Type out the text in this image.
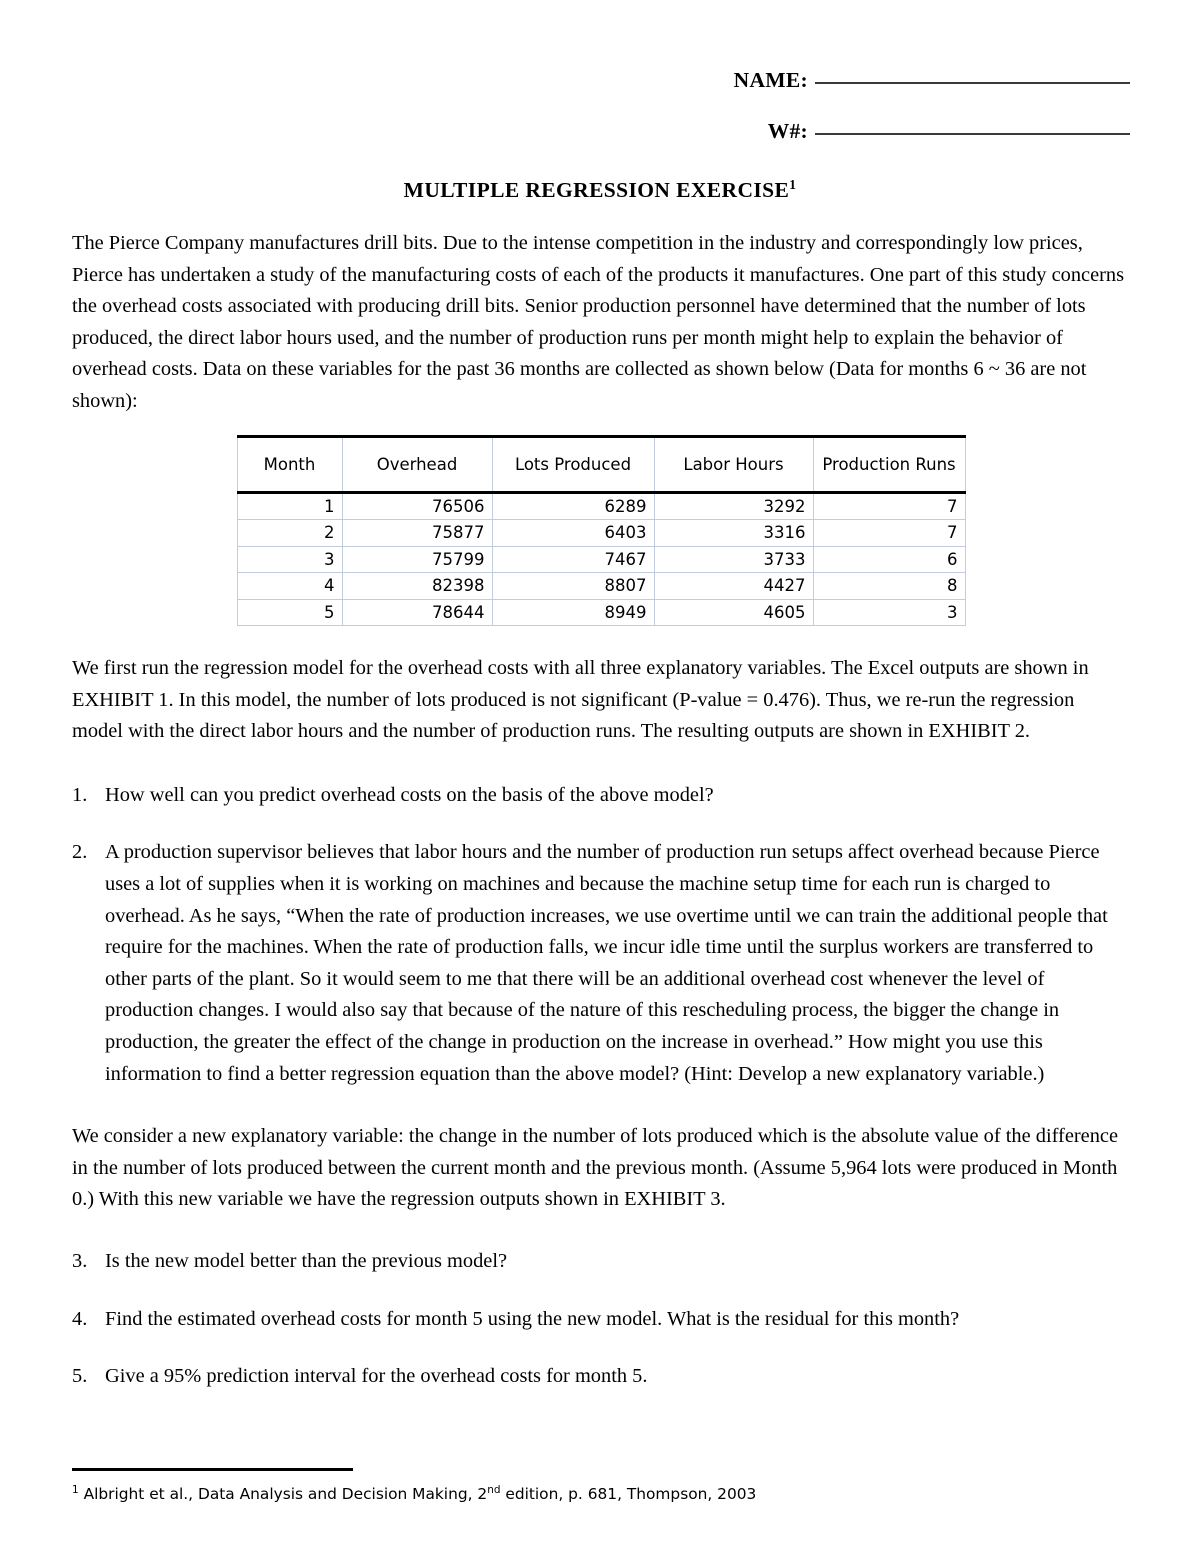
NAME:
W#:
MULTIPLE REGRESSION EXERCISE$^1$

The Pierce Company manufactures drill bits. Due to the intense competition in the industry and correspondingly low prices, Pierce has undertaken a study of the manufacturing costs of each of the products it manufactures. One part of this study concerns the overhead costs associated with producing drill bits. Senior production personnel have determined that the number of lots produced, the direct labor hours used, and the number of production runs per month might help to explain the behavior of overhead costs. Data on these variables for the past 36 months are collected as shown below (Data for months 6 ~ 36 are not shown):

Month	Overhead	Lots Produced	Labor Hours	Production Runs
1	76506	6289	3292	7
2	75877	6403	3316	7
3	75799	7467	3733	6
4	82398	8807	4427	8
5	78644	8949	4605	3

We first run the regression model for the overhead costs with all three explanatory variables. The Excel outputs are shown in EXHIBIT 1. In this model, the number of lots produced is not significant (P-value = 0.476). Thus, we re-run the regression model with the direct labor hours and the number of production runs. The resulting outputs are shown in EXHIBIT 2.

1. How well can you predict overhead costs on the basis of the above model?
2. A production supervisor believes that labor hours and the number of production run setups affect overhead because Pierce uses a lot of supplies when it is working on machines and because the machine setup time for each run is charged to overhead. As he says, “When the rate of production increases, we use overtime until we can train the additional people that require for the machines. When the rate of production falls, we incur idle time until the surplus workers are transferred to other parts of the plant. So it would seem to me that there will be an additional overhead cost whenever the level of production changes. I would also say that because of the nature of this rescheduling process, the bigger the change in production, the greater the effect of the change in production on the increase in overhead.” How might you use this information to find a better regression equation than the above model? (Hint: Develop a new explanatory variable.)

We consider a new explanatory variable: the change in the number of lots produced which is the absolute value of the difference in the number of lots produced between the current month and the previous month. (Assume 5,964 lots were produced in Month 0.) With this new variable we have the regression outputs shown in EXHIBIT 3.

3. Is the new model better than the previous model?
4. Find the estimated overhead costs for month 5 using the new model. What is the residual for this month?
5. Give a 95% prediction interval for the overhead costs for month 5.
$^1$ Albright et al., Data Analysis and Decision Making, 2nd edition, p. 681, Thompson, 2003
